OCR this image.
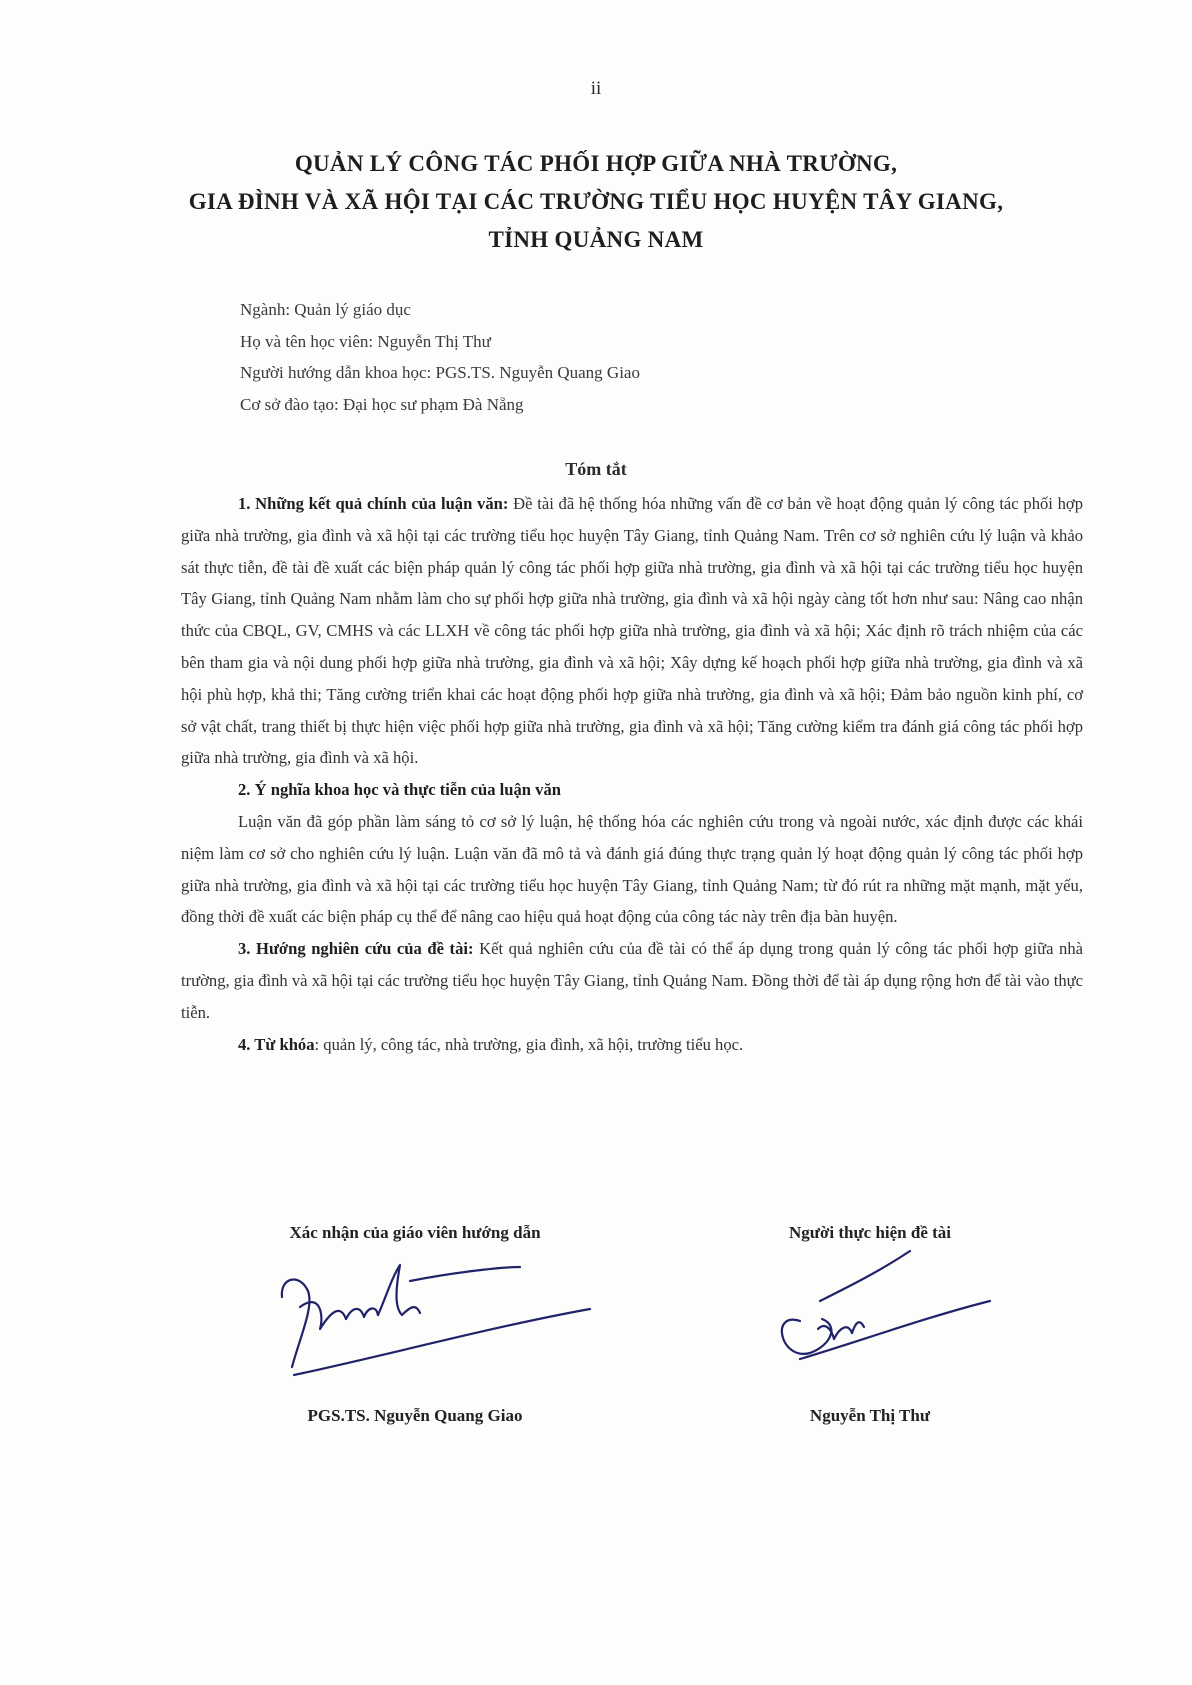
ii
QUẢN LÝ CÔNG TÁC PHỐI HỢP GIỮA NHÀ TRƯỜNG,
GIA ĐÌNH VÀ XÃ HỘI TẠI CÁC TRƯỜNG TIỂU HỌC HUYỆN TÂY GIANG,
TỈNH QUẢNG NAM
Ngành: Quản lý giáo dục
Họ và tên học viên: Nguyễn Thị Thư
Người hướng dẫn khoa học: PGS.TS. Nguyễn Quang Giao
Cơ sở đào tạo: Đại học sư phạm Đà Nẵng
Tóm tắt

1. Những kết quả chính của luận văn: Đề tài đã hệ thống hóa những vấn đề cơ bản về hoạt động quản lý công tác phối hợp giữa nhà trường, gia đình và xã hội tại các trường tiểu học huyện Tây Giang, tỉnh Quảng Nam. Trên cơ sở nghiên cứu lý luận và khảo sát thực tiễn, đề tài đề xuất các biện pháp quản lý công tác phối hợp giữa nhà trường, gia đình và xã hội tại các trường tiểu học huyện Tây Giang, tỉnh Quảng Nam nhằm làm cho sự phối hợp giữa nhà trường, gia đình và xã hội ngày càng tốt hơn như sau: Nâng cao nhận thức của CBQL, GV, CMHS và các LLXH về công tác phối hợp giữa nhà trường, gia đình và xã hội; Xác định rõ trách nhiệm của các bên tham gia và nội dung phối hợp giữa nhà trường, gia đình và xã hội; Xây dựng kế hoạch phối hợp giữa nhà trường, gia đình và xã hội phù hợp, khả thi; Tăng cường triển khai các hoạt động phối hợp giữa nhà trường, gia đình và xã hội; Đảm bảo nguồn kinh phí, cơ sở vật chất, trang thiết bị thực hiện việc phối hợp giữa nhà trường, gia đình và xã hội; Tăng cường kiểm tra đánh giá công tác phối hợp giữa nhà trường, gia đình và xã hội.

2. Ý nghĩa khoa học và thực tiễn của luận văn

Luận văn đã góp phần làm sáng tỏ cơ sở lý luận, hệ thống hóa các nghiên cứu trong và ngoài nước, xác định được các khái niệm làm cơ sở cho nghiên cứu lý luận. Luận văn đã mô tả và đánh giá đúng thực trạng quản lý hoạt động quản lý công tác phối hợp giữa nhà trường, gia đình và xã hội tại các trường tiểu học huyện Tây Giang, tỉnh Quảng Nam; từ đó rút ra những mặt mạnh, mặt yếu, đồng thời đề xuất các biện pháp cụ thể để nâng cao hiệu quả hoạt động của công tác này trên địa bàn huyện.

3. Hướng nghiên cứu của đề tài: Kết quả nghiên cứu của đề tài có thể áp dụng trong quản lý công tác phối hợp giữa nhà trường, gia đình và xã hội tại các trường tiểu học huyện Tây Giang, tỉnh Quảng Nam. Đồng thời để tài áp dụng rộng hơn để tài vào thực tiễn.

4. Từ khóa: quản lý, công tác, nhà trường, gia đình, xã hội, trường tiểu học.

Xác nhận của giáo viên hướng dẫn
PGS.TS. Nguyễn Quang Giao
Người thực hiện đề tài
Nguyễn Thị Thư
